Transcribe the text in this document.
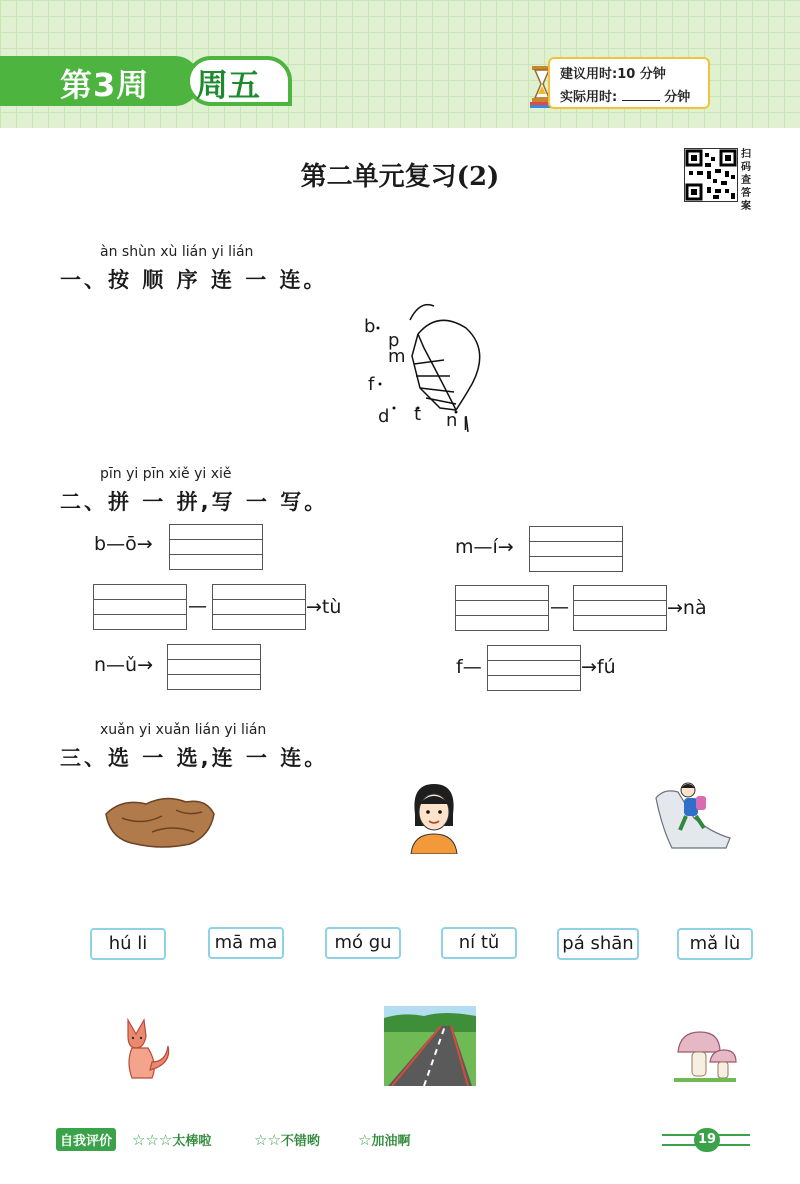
第3周 周五	建议用时:10 分钟
实际用时:	分钟
第二单元复习(2)
扫码查答案
àn shùn xù lián yi lián
一、按 顺 序 连 一 连。
b
p
m
f
d t n l
pīn yi pīn xiě yi xiě
二、拼 一 拼,写 一 写。
b—ō→	m—í→
—	→tù	—	→nà
n—ǔ→	f—	→fú
xuǎn yi xuǎn lián yi lián
三、选 一 选,连 一 连。
hú li	mā ma	mó gu	ní tǔ	pá shān	mǎ lù
自我评价 ☆☆☆太棒啦	☆☆不错哟	☆加油啊	19
